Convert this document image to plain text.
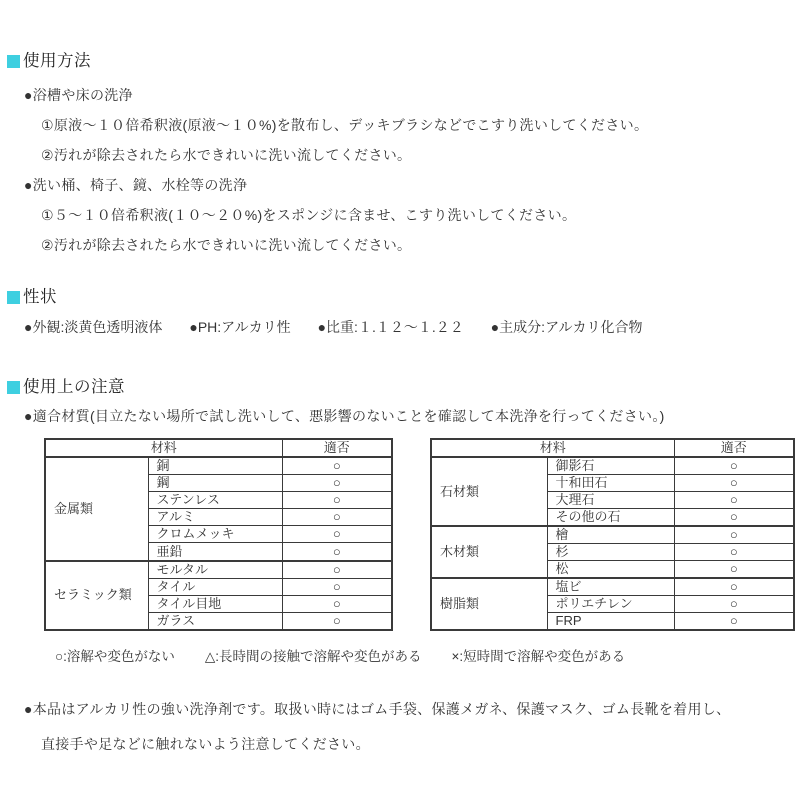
使用方法
●浴槽や床の洗浄
①原液～１０倍希釈液(原液～１０%)を散布し、デッキブラシなどでこすり洗いしてください。
②汚れが除去されたら水できれいに洗い流してください。
●洗い桶、椅子、鏡、水栓等の洗浄
①５～１０倍希釈液(１０～２０%)をスポンジに含ませ、こすり洗いしてください。
②汚れが除去されたら水できれいに洗い流してください。
性状
●外観:淡黄色透明液体 ●PH:アルカリ性 ●比重:１.１２～１.２２ ●主成分:アルカリ化合物
使用上の注意
●適合材質(目立たない場所で試し洗いして、悪影響のないことを確認して本洗浄を行ってください。)
材料		適否
金属類	銅	○
	鋼	○
	ステンレス	○
	アルミ	○
	クロムメッキ	○
	亜鉛	○
セラミック類	モルタル	○
	タイル	○
	タイル目地	○
	ガラス	○
材料		適否
石材類	御影石	○
	十和田石	○
	大理石	○
	その他の石	○
木材類	檜	○
	杉	○
	松	○
樹脂類	塩ビ	○
	ポリエチレン	○
	FRP	○
○:溶解や変色がない △:長時間の接触で溶解や変色がある ×:短時間で溶解や変色がある
●本品はアルカリ性の強い洗浄剤です。取扱い時にはゴム手袋、保護メガネ、保護マスク、ゴム長靴を着用し、
直接手や足などに触れないよう注意してください。
